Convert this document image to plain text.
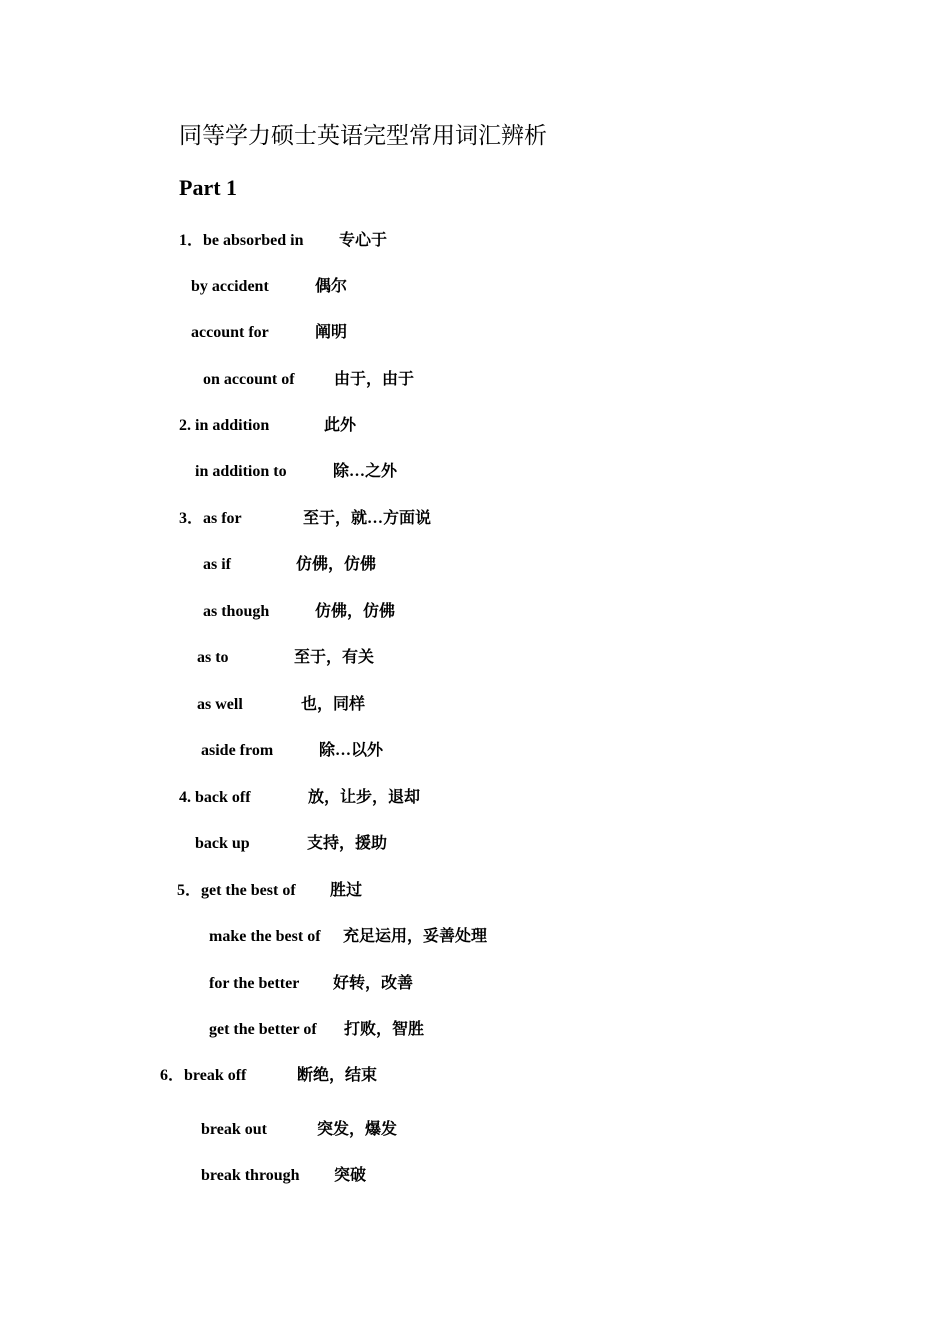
同等学力硕士英语完型常用词汇辨析
Part 1
1．be absorbed in 专心于
by accident	偶尔
account for	阐明
on account of 由于，由于
2. in addition	此外
in addition to	除…之外
3．as for	至于，就…方面说
as if	仿佛，仿佛
as though	仿佛，仿佛
as to	至于，有关
as well	也，同样
aside from	除…以外
4. back off	放，让步，退却
back up	支持，援助
5．get the best of 胜过
make the best of 充足运用，妥善处理
for the better 好转，改善
get the better of 打败，智胜
6．break off	断绝，结束
break out	突发，爆发
break through 突破
